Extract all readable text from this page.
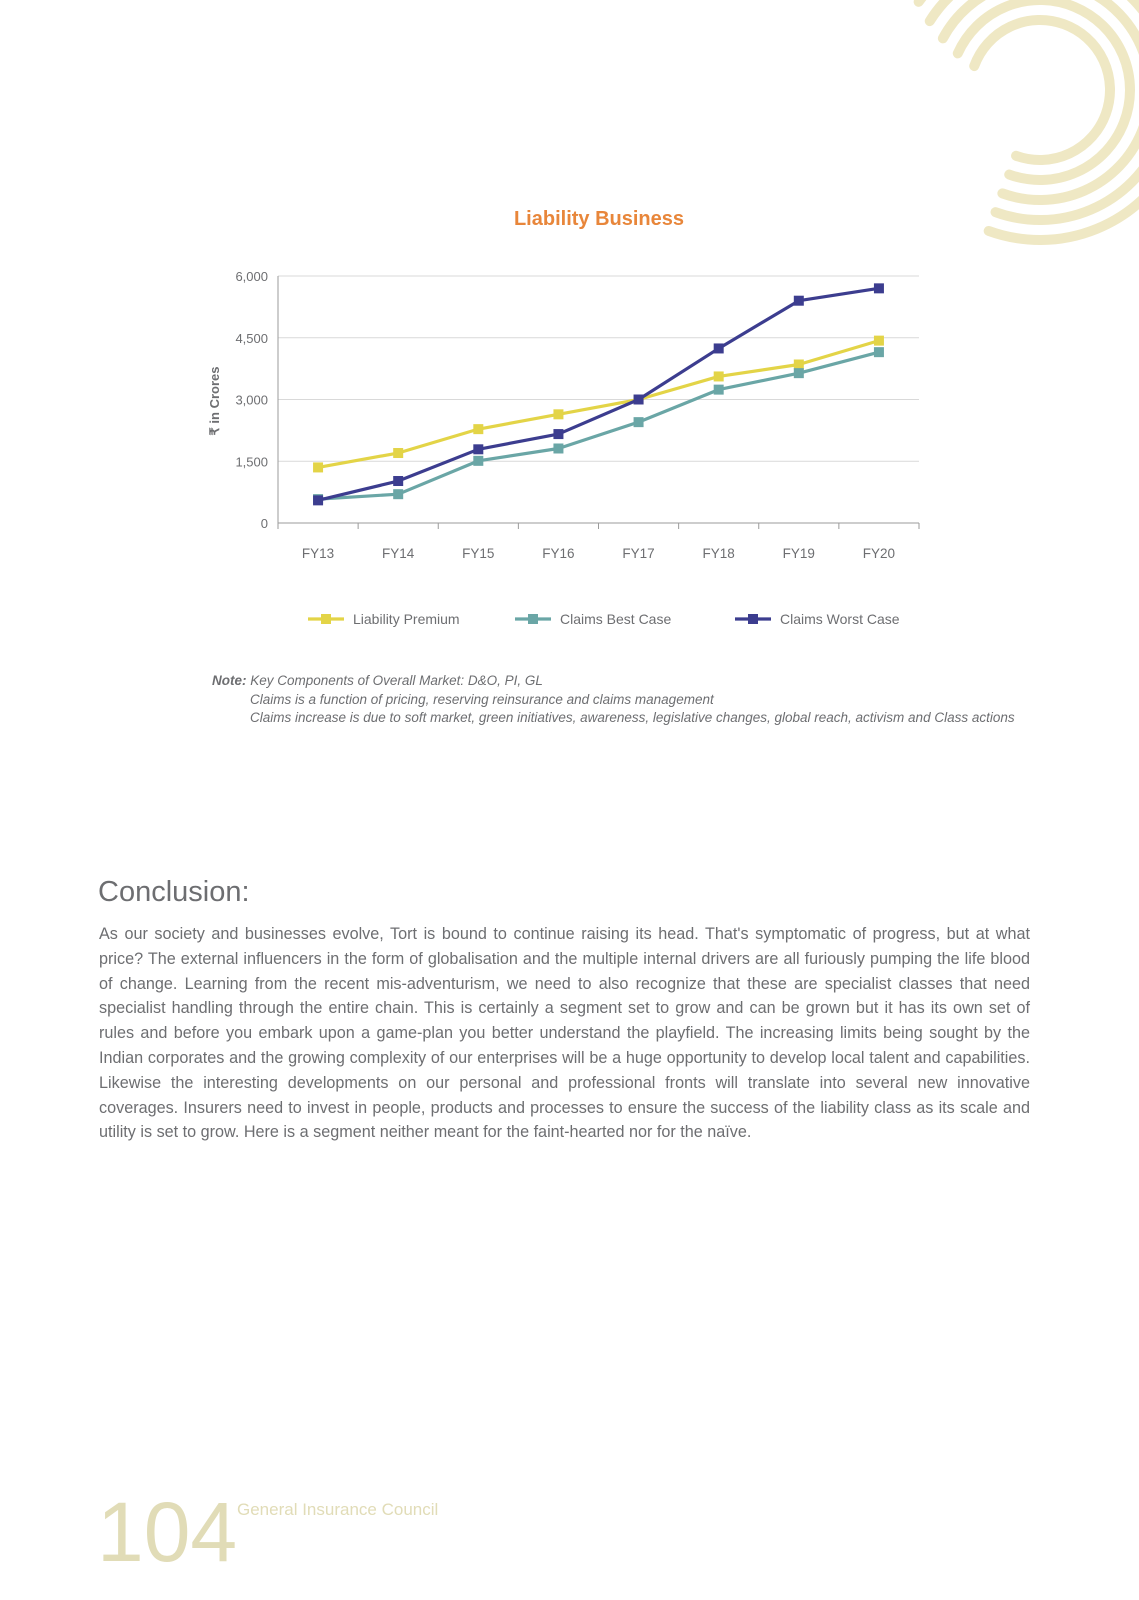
Liability Business
0
1,500
3,000
4,500
6,000
FY13	FY14	FY15	FY16	FY17	FY18	FY19	FY20
Liability Premium	Claims Best Case	Claims Worst Case
₹ in Crores
Note: Key Components of Overall Market: D&O, PI, GL
Claims is a function of pricing, reserving reinsurance and claims management
Claims increase is due to soft market, green initiatives, awareness, legislative changes, global reach, activism and Class actions
Conclusion:

As our society and businesses evolve, Tort is bound to continue raising its head. That's symptomatic of progress, but at what price? The external influencers in the form of globalisation and the multiple internal drivers are all furiously pumping the life blood of change. Learning from the recent mis-adventurism, we need to also recognize that these are specialist classes that need specialist handling through the entire chain. This is certainly a segment set to grow and can be grown but it has its own set of rules and before you embark upon a game-plan you better understand the playfield. The increasing limits being sought by the Indian corporates and the growing complexity of our enterprises will be a huge opportunity to develop local talent and capabilities. Likewise the interesting developments on our personal and professional fronts will translate into several new innovative coverages. Insurers need to invest in people, products and processes to ensure the success of the liability class as its scale and utility is set to grow. Here is a segment neither meant for the faint-hearted nor for the naïve.

104 General Insurance Council
